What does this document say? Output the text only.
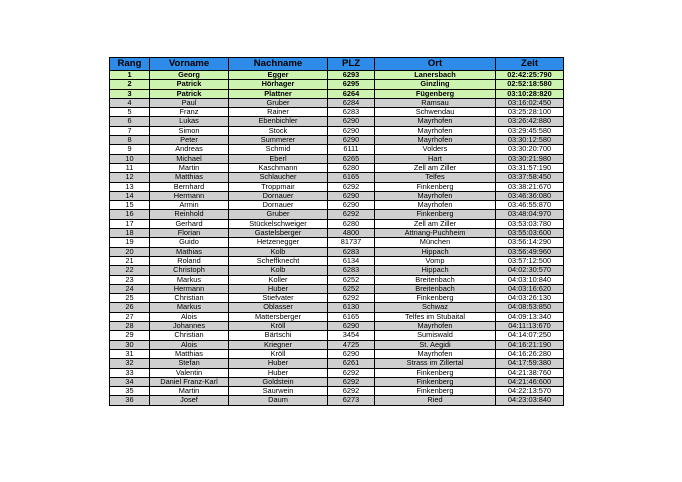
Rang	Vorname	Nachname	PLZ	Ort	Zeit
1	Georg	Egger	6293	Lanersbach	02:42:25:790
2	Patrick	Hörhager	6295	Ginzling	02:52:18:580
3	Patrick	Plattner	6264	Fügenberg	03:10:28:820
4	Paul	Gruber	6284	Ramsau	03:16:02:450
5	Franz	Rainer	6283	Schwendau	03:25:28:100
6	Lukas	Ebenbichler	6290	Mayrhofen	03:26:42:880
7	Simon	Stock	6290	Mayrhofen	03:29:45:580
8	Peter	Summerer	6290	Mayrhofen	03:30:12:580
9	Andreas	Schmid	6111	Volders	03:30:20:700
10	Michael	Eberl	6265	Hart	03:30:21:980
11	Martin	Kaschmann	6280	Zell am Ziller	03:31:57:190
12	Matthias	Schlaucher	6165	Telfes	03:37:58:450
13	Bernhard	Troppmair	6292	Finkenberg	03:38:21:670
14	Hermann	Dornauer	6290	Mayrhofen	03:46:36:080
15	Armin	Dornauer	6290	Mayrhofen	03:46:55:870
16	Reinhold	Gruber	6292	Finkenberg	03:48:04:970
17	Gerhard	Stückelschweiger	6280	Zell am Ziller	03:53:03:780
18	Florian	Gastelsberger	4800	Attnang-Puchheim	03:55:03:600
19	Guido	Hetzenegger	81737	München	03:56:14:290
20	Mathias	Kolb	6283	Hippach	03:56:49:960
21	Roland	Scheffknecht	6134	Vomp	03:57:12:500
22	Christoph	Kolb	6283	Hippach	04:02:30:570
23	Markus	Koller	6252	Breitenbach	04:03:10:840
24	Hermann	Huber	6252	Breitenbach	04:03:16:620
25	Christian	Stiefvater	6292	Finkenberg	04:03:26:130
26	Markus	Oblasser	6130	Schwaz	04:08:53:850
27	Alois	Mattersberger	6165	Telfes im Stubaital	04:09:13:340
28	Johannes	Kröll	6290	Mayrhofen	04:11:13:670
29	Christian	Bärtschi	3454	Sumiswald	04:14:07:250
30	Alois	Kriegner	4725	St. Aegidi	04:16:21:190
31	Matthias	Kröll	6290	Mayrhofen	04:16:26:280
32	Stefan	Huber	6261	Strass im Zillertal	04:17:59:380
33	Valentin	Huber	6292	Finkenberg	04:21:38:760
34	Daniel Franz-Karl	Goldstein	6292	Finkenberg	04:21:46:600
35	Martin	Saurwein	6292	Finkenberg	04:22:13:570
36	Josef	Daum	6273	Ried	04:23:03:840
